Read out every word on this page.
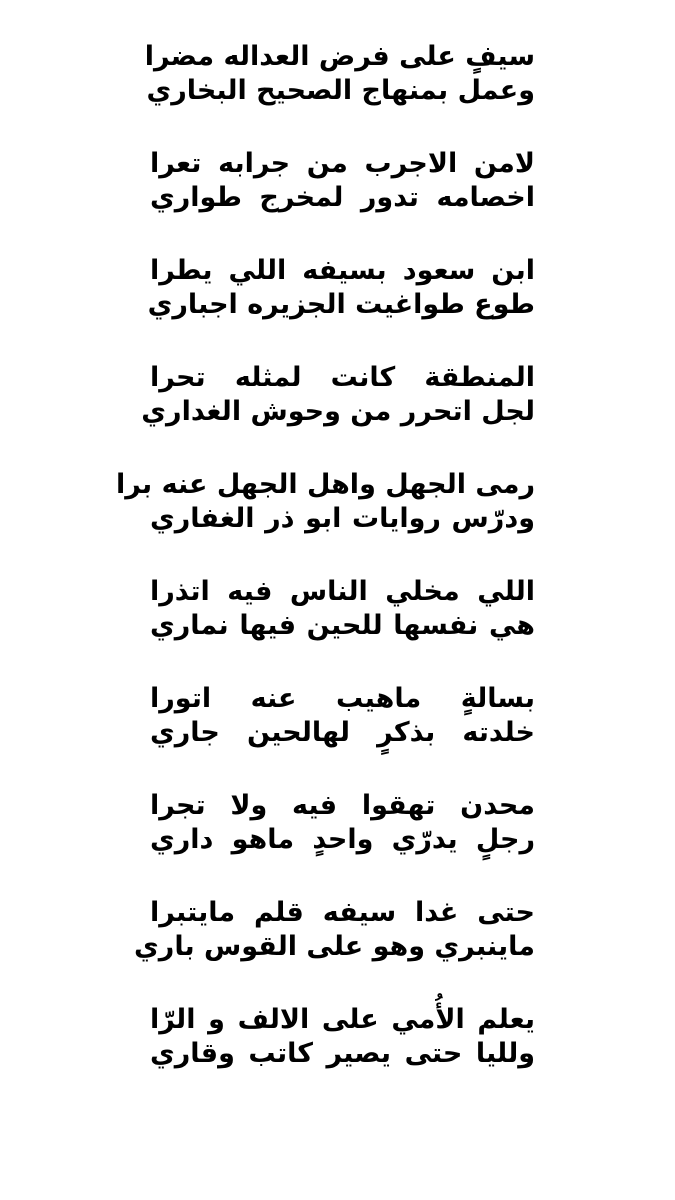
سيفٍ على فرض العداله مضرا
وعمل بمنهاج الصحيح البخاري
لامن الاجرب من جرابه تعرا
اخصامه تدور لمخرج طواري
ابن سعود بسيفه اللي يطرا
طوع طواغيت الجزيره اجباري
المنطقة كانت لمثله تحرا
لجل اتحرر من وحوش الغداري
رمى الجهل واهل الجهل عنه برا
ودرّس روايات ابو ذر الغفاري
اللي مخلي الناس فيه اتذرا
هي نفسها للحين فيها نماري
بسالةٍ ماهيب عنه اتورا
خلدته بذكرٍ لهالحين جاري
محدن تهقوا فيه ولا تجرا
رجلٍ يدرّي واحدٍ ماهو داري
حتى غدا سيفه قلم مايتبرا
ماينبري وهو على القوس باري
يعلم الأُمي على الالف و الرّا
ولليا حتى يصير كاتب وقاري
